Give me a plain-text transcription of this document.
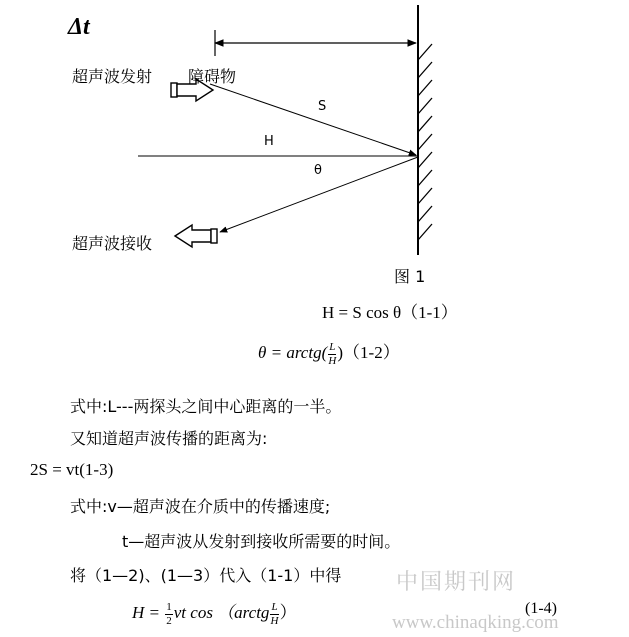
Δt
超声波发射 障碍物
S
H
θ
超声波接收
图 1
H = S cos θ（1-1）
θ = arctg( $\frac{L}{H} )(1-2)$
式中:L---两探头之间中心距离的一半。
又知道超声波传播的距离为:
2S = vt(1-3)
式中:v—超声波在介质中的传播速度;
t—超声波从发射到接收所需要的时间。
将（1—2)、(1—3）代入（1-1）中得
$H = \frac{1}{2}$ vt cos （arctg $\frac{L}{H}$ ）	(1-4)
中国期刊网
www.chinaqking.com
